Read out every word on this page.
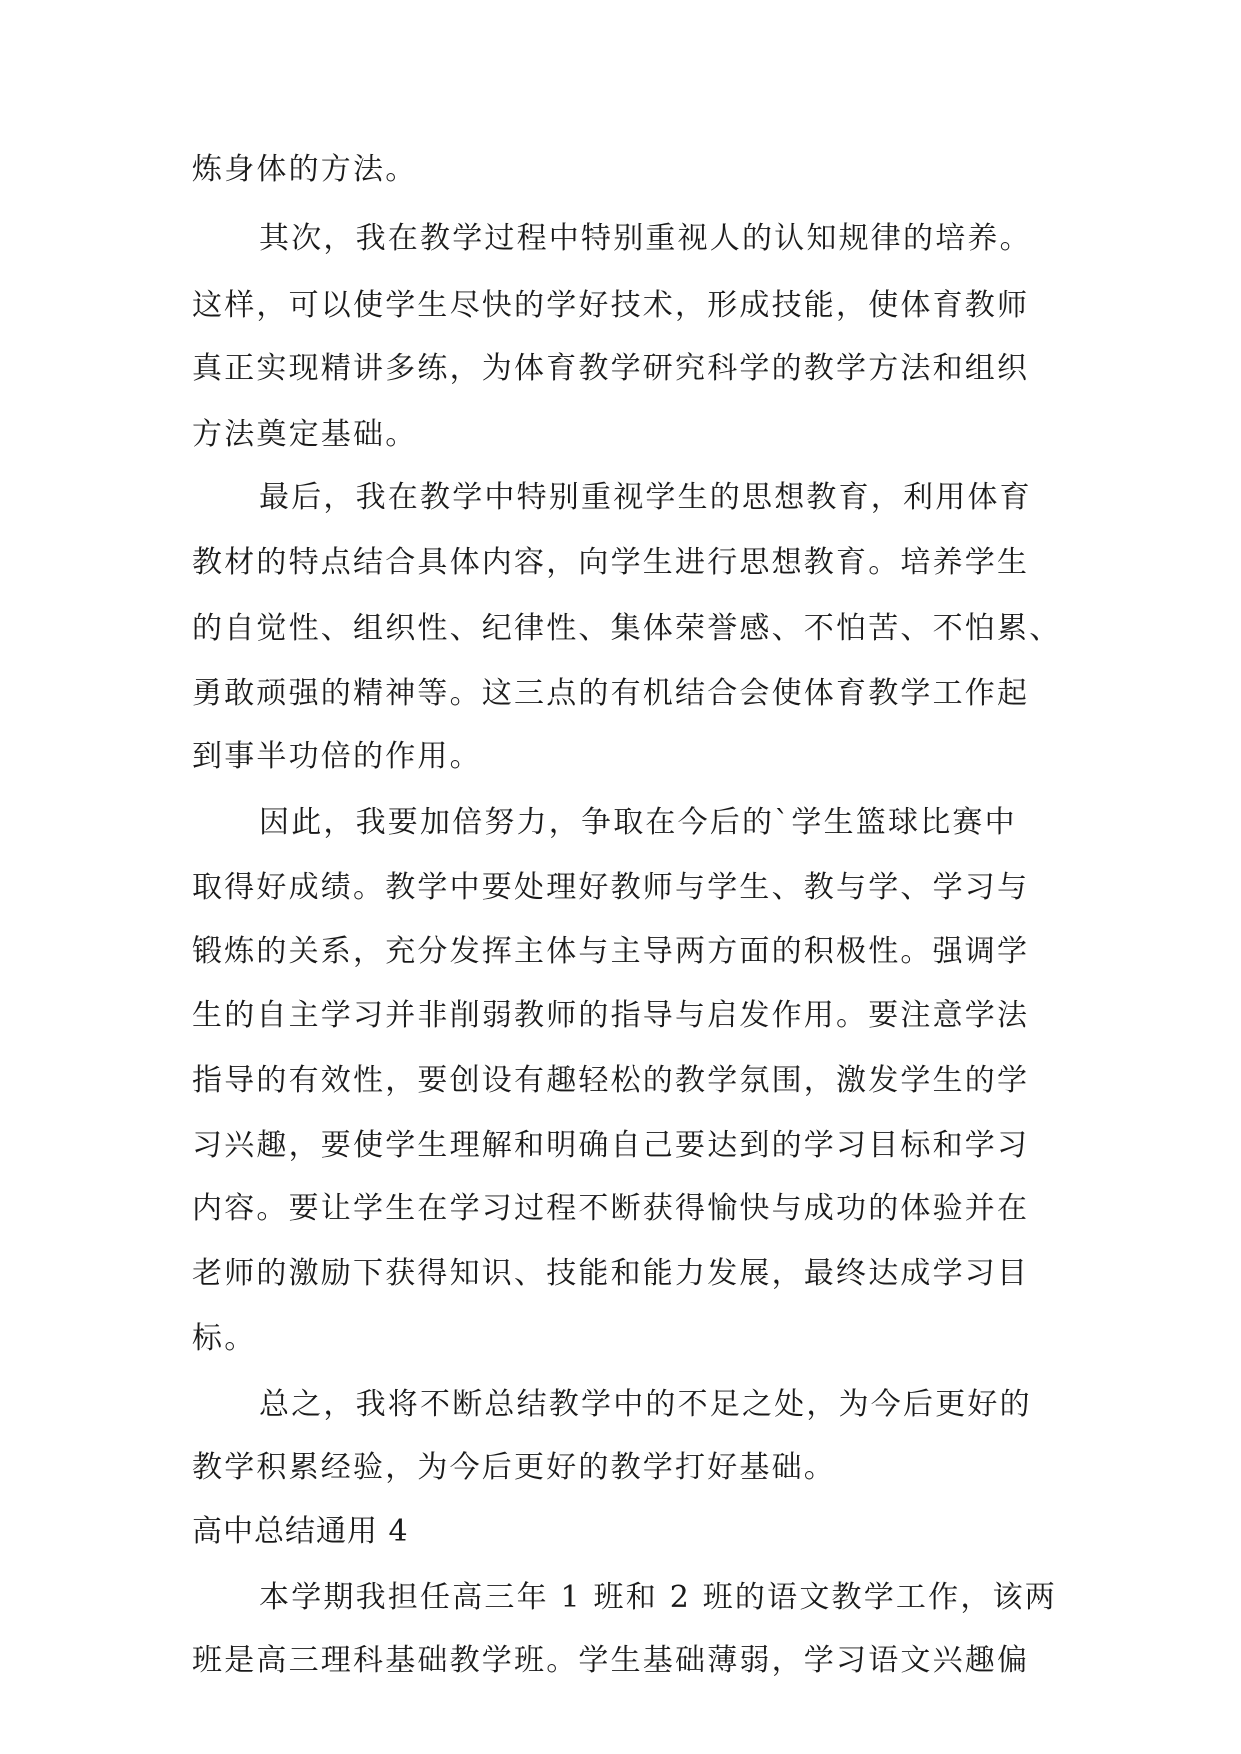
炼身体的方法。
其次，我在教学过程中特别重视人的认知规律的培养。
这样，可以使学生尽快的学好技术，形成技能，使体育教师
真正实现精讲多练，为体育教学研究科学的教学方法和组织
方法奠定基础。
最后，我在教学中特别重视学生的思想教育，利用体育
教材的特点结合具体内容，向学生进行思想教育。培养学生
的自觉性、组织性、纪律性、集体荣誉感、不怕苦、不怕累、
勇敢顽强的精神等。这三点的有机结合会使体育教学工作起
到事半功倍的作用。
因此，我要加倍努力，争取在今后的`学生篮球比赛中
取得好成绩。教学中要处理好教师与学生、教与学、学习与
锻炼的关系，充分发挥主体与主导两方面的积极性。强调学
生的自主学习并非削弱教师的指导与启发作用。要注意学法
指导的有效性，要创设有趣轻松的教学氛围，激发学生的学
习兴趣，要使学生理解和明确自己要达到的学习目标和学习
内容。要让学生在学习过程不断获得愉快与成功的体验并在
老师的激励下获得知识、技能和能力发展，最终达成学习目
标。
总之，我将不断总结教学中的不足之处，为今后更好的
教学积累经验，为今后更好的教学打好基础。
高中总结通用 4
本学期我担任高三年 1 班和 2 班的语文教学工作，该两
班是高三理科基础教学班。学生基础薄弱，学习语文兴趣偏
